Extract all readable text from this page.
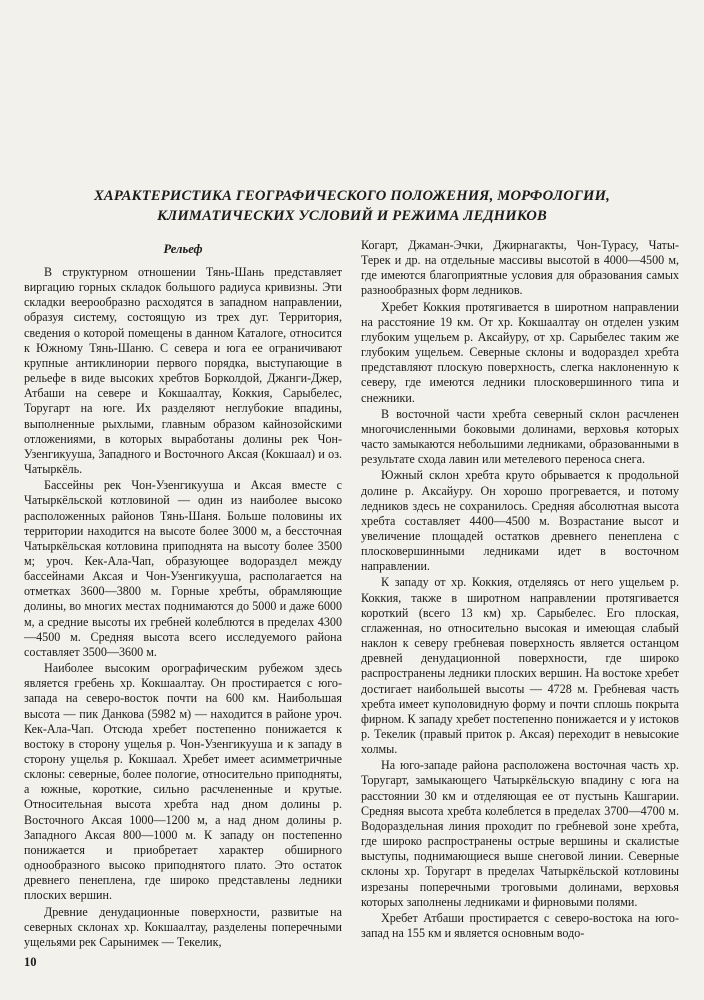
ХАРАКТЕРИСТИКА ГЕОГРАФИЧЕСКОГО ПОЛОЖЕНИЯ, МОРФОЛОГИИ,
КЛИМАТИЧЕСКИХ УСЛОВИЙ И РЕЖИМА ЛЕДНИКОВ
Рельеф

В структурном отношении Тянь-Шань представляет виргацию горных складок большого радиуса кривизны. Эти складки веерообразно расходятся в западном направлении, образуя систему, состоящую из трех дуг. Территория, сведения о которой помещены в данном Каталоге, относится к Южному Тянь-Шаню. С севера и юга ее ограничивают крупные антиклинории первого порядка, выступающие в рельефе в виде высоких хребтов Борколдой, Джанги-Джер, Атбаши на севере и Кокшаалтау, Коккия, Сарыбелес, Торугарт на юге. Их разделяют неглубокие впадины, выполненные рыхлыми, главным образом кайнозойскими отложениями, в которых выработаны долины рек Чон-Узенгикууша, Западного и Восточного Аксая (Кокшаал) и оз. Чатыркёль.

Бассейны рек Чон-Узенгикууша и Аксая вместе с Чатыркёльской котловиной — один из наиболее высоко расположенных районов Тянь-Шаня. Больше половины их территории находится на высоте более 3000 м, а бессточная Чатыркёльская котловина приподнята на высоту более 3500 м; уроч. Кек-Ала-Чап, образующее водораздел между бассейнами Аксая и Чон-Узенгикууша, располагается на отметках 3600—3800 м. Горные хребты, обрамляющие долины, во многих местах поднимаются до 5000 и даже 6000 м, а средние высоты их гребней колеблются в пределах 4300—4500 м. Средняя высота всего исследуемого района составляет 3500—3600 м.

Наиболее высоким орографическим рубежом здесь является гребень хр. Кокшаалтау. Он простирается с юго-запада на северо-восток почти на 600 км. Наибольшая высота — пик Данкова (5982 м) — находится в районе уроч. Кек-Ала-Чап. Отсюда хребет постепенно понижается к востоку в сторону ущелья р. Чон-Узенгикууша и к западу в сторону ущелья р. Кокшаал. Хребет имеет асимметричные склоны: северные, более пологие, относительно приподняты, а южные, короткие, сильно расчлененные и крутые. Относительная высота хребта над дном долины р. Восточного Аксая 1000—1200 м, а над дном долины р. Западного Аксая 800—1000 м. К западу он постепенно понижается и приобретает характер обширного однообразного высоко приподнятого плато. Это остаток древнего пенеплена, где широко представлены ледники плоских вершин.

Древние денудационные поверхности, развитые на северных склонах хр. Кокшаалтау, разделены поперечными ущельями рек Сарынимек — Текелик,

Когарт, Джаман-Эчки, Джирнагакты, Чон-Турасу, Чаты-Терек и др. на отдельные массивы высотой в 4000—4500 м, где имеются благоприятные условия для образования самых разнообразных форм ледников.

Хребет Коккия протягивается в широтном направлении на расстояние 19 км. От хр. Кокшаалтау он отделен узким глубоким ущельем р. Аксайуру, от хр. Сарыбелес таким же глубоким ущельем. Северные склоны и водораздел хребта представляют плоскую поверхность, слегка наклоненную к северу, где имеются ледники плосковершинного типа и снежники.

В восточной части хребта северный склон расчленен многочисленными боковыми долинами, верховья которых часто замыкаются небольшими ледниками, образованными в результате схода лавин или метелевого переноса снега.

Южный склон хребта круто обрывается к продольной долине р. Аксайуру. Он хорошо прогревается, и потому ледников здесь не сохранилось. Средняя абсолютная высота хребта составляет 4400—4500 м. Возрастание высот и увеличение площадей остатков древнего пенеплена с плосковершинными ледниками идет в восточном направлении.

К западу от хр. Коккия, отделяясь от него ущельем р. Коккия, также в широтном направлении протягивается короткий (всего 13 км) хр. Сарыбелес. Его плоская, сглаженная, но относительно высокая и имеющая слабый наклон к северу гребневая поверхность является останцом древней денудационной поверхности, где широко распространены ледники плоских вершин. На востоке хребет достигает наибольшей высоты — 4728 м. Гребневая часть хребта имеет куполовидную форму и почти сплошь покрыта фирном. К западу хребет постепенно понижается и у истоков р. Текелик (правый приток р. Аксая) переходит в невысокие холмы.

На юго-западе района расположена восточная часть хр. Торугарт, замыкающего Чатыркёльскую впадину с юга на расстоянии 30 км и отделяющая ее от пустынь Кашгарии. Средняя высота хребта колеблется в пределах 3700—4700 м. Водораздельная линия проходит по гребневой зоне хребта, где широко распространены острые вершины и скалистые выступы, поднимающиеся выше снеговой линии. Северные склоны хр. Торугарт в пределах Чатыркёльской котловины изрезаны поперечными троговыми долинами, верховья которых заполнены ледниками и фирновыми полями.

Хребет Атбаши простирается с северо-востока на юго-запад на 155 км и является основным водо-

10
